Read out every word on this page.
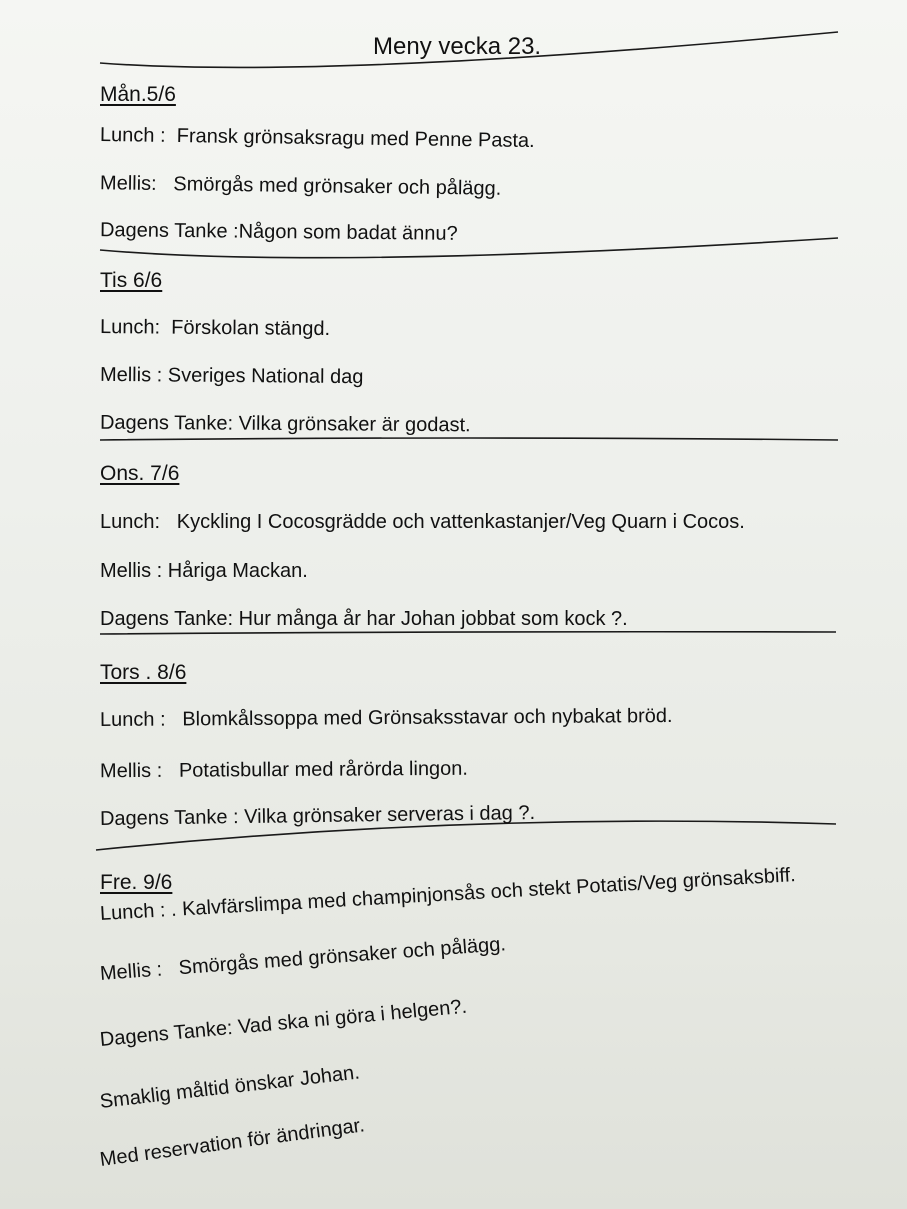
Meny vecka 23.
Mån.5/6
Lunch : Fransk grönsaksragu med Penne Pasta.
Mellis: Smörgås med grönsaker och pålägg.
Dagens Tanke :Någon som badat ännu?
Tis 6/6
Lunch: Förskolan stängd.
Mellis : Sveriges National dag
Dagens Tanke: Vilka grönsaker är godast.
Ons. 7/6
Lunch: Kyckling I Cocosgrädde och vattenkastanjer/Veg Quarn i Cocos.
Mellis : Håriga Mackan.
Dagens Tanke: Hur många år har Johan jobbat som kock ?.
Tors . 8/6
Lunch : Blomkålssoppa med Grönsaksstavar och nybakat bröd.
Mellis : Potatisbullar med rårörda lingon.
Dagens Tanke : Vilka grönsaker serveras i dag ?.
Fre. 9/6
Lunch : . Kalvfärslimpa med champinjonsås och stekt Potatis/Veg grönsaksbiff.
Mellis : Smörgås med grönsaker och pålägg.
Dagens Tanke: Vad ska ni göra i helgen?.
Smaklig måltid önskar Johan.
Med reservation för ändringar.
